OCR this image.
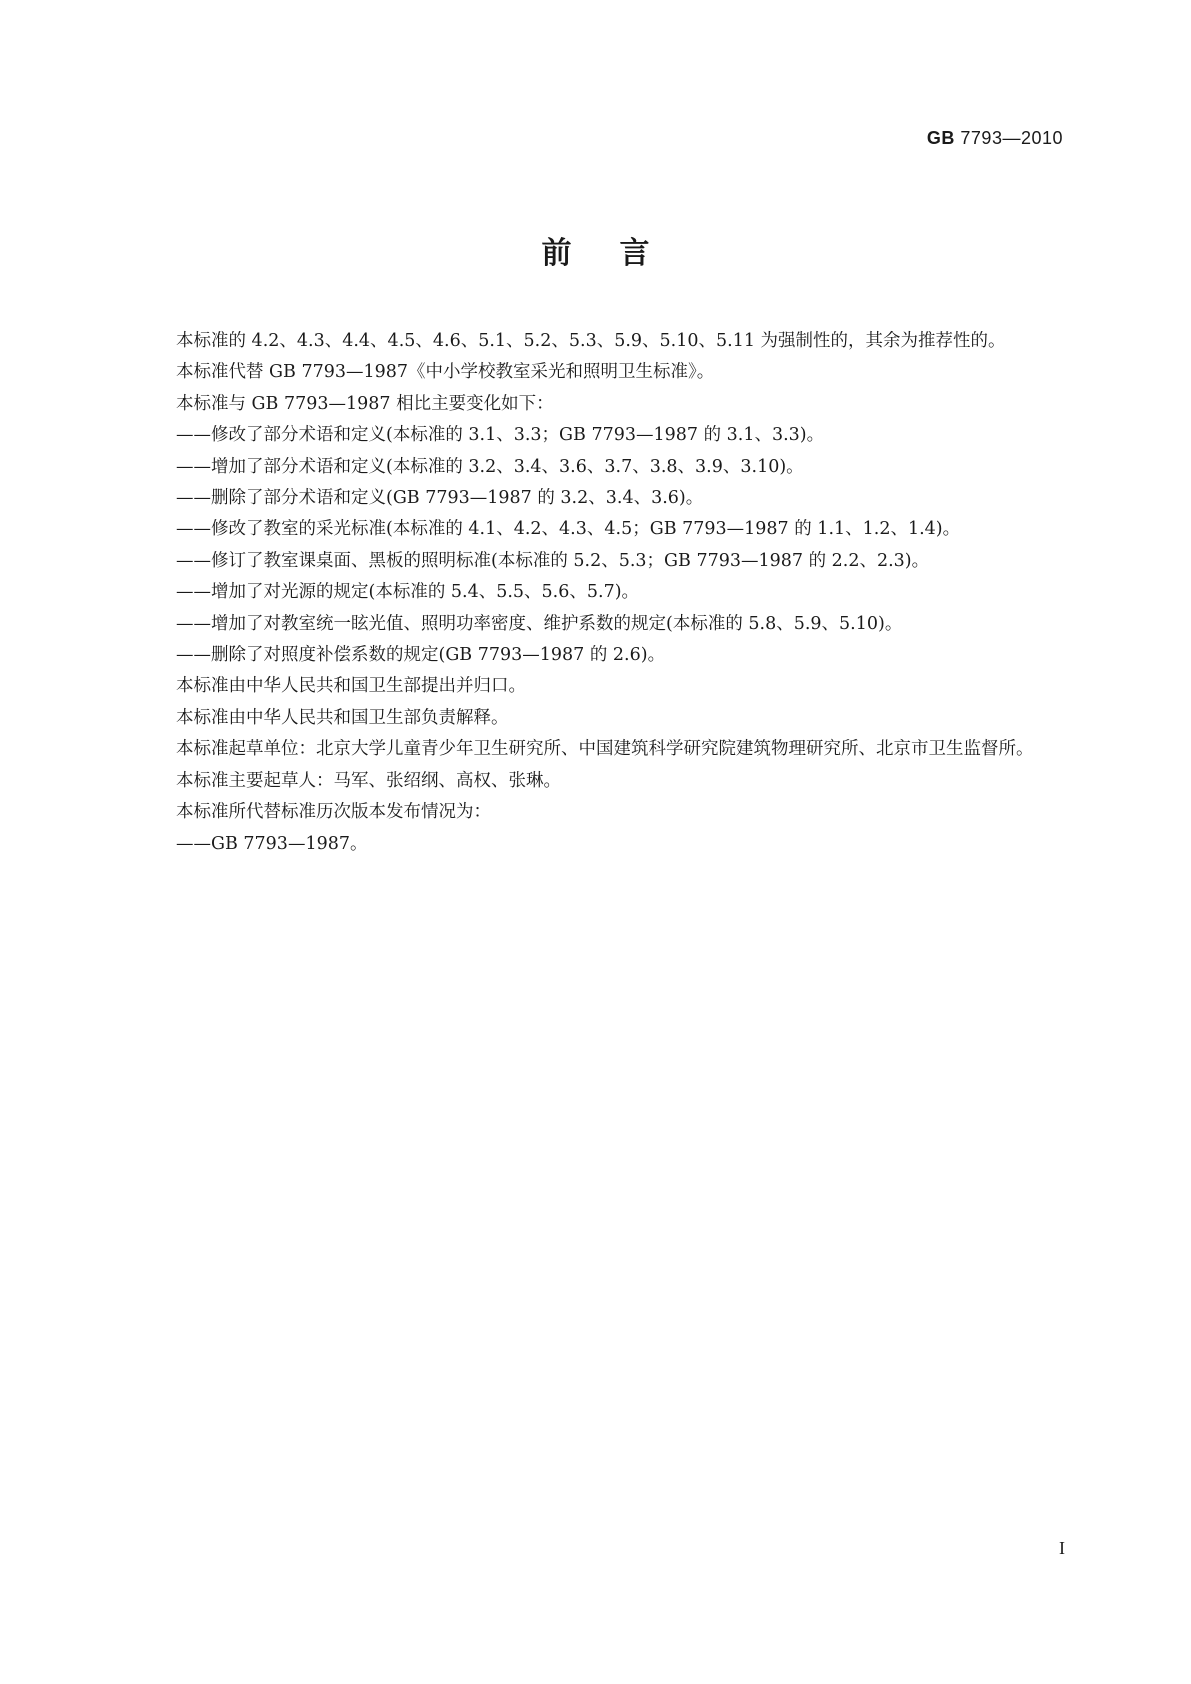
GB 7793—2010
前言

本标准的 4.2、4.3、4.4、4.5、4.6、5.1、5.2、5.3、5.9、5.10、5.11 为强制性的，其余为推荐性的。

本标准代替 GB 7793—1987《中小学校教室采光和照明卫生标准》。

本标准与 GB 7793—1987 相比主要变化如下：

——修改了部分术语和定义(本标准的 3.1、3.3；GB 7793—1987 的 3.1、3.3)。

——增加了部分术语和定义(本标准的 3.2、3.4、3.6、3.7、3.8、3.9、3.10)。

——删除了部分术语和定义(GB 7793—1987 的 3.2、3.4、3.6)。

——修改了教室的采光标准(本标准的 4.1、4.2、4.3、4.5；GB 7793—1987 的 1.1、1.2、1.4)。

——修订了教室课桌面、黑板的照明标准(本标准的 5.2、5.3；GB 7793—1987 的 2.2、2.3)。

——增加了对光源的规定(本标准的 5.4、5.5、5.6、5.7)。

——增加了对教室统一眩光值、照明功率密度、维护系数的规定(本标准的 5.8、5.9、5.10)。

——删除了对照度补偿系数的规定(GB 7793—1987 的 2.6)。

本标准由中华人民共和国卫生部提出并归口。

本标准由中华人民共和国卫生部负责解释。

本标准起草单位：北京大学儿童青少年卫生研究所、中国建筑科学研究院建筑物理研究所、北京市卫生监督所。

本标准主要起草人：马军、张绍纲、高权、张琳。

本标准所代替标准历次版本发布情况为：

——GB 7793—1987。

I
